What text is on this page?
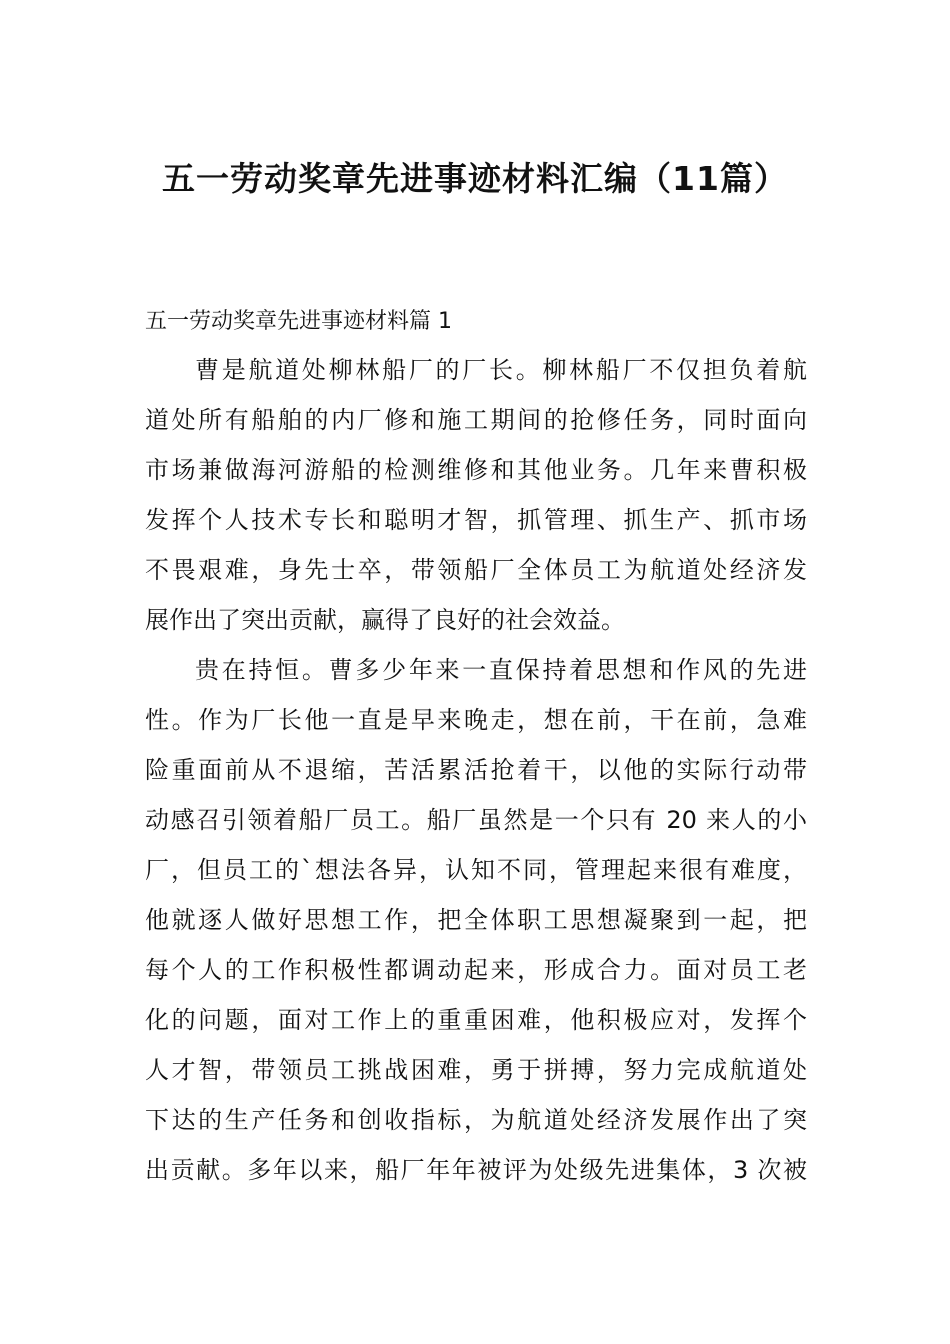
五一劳动奖章先进事迹材料汇编（11篇）

五一劳动奖章先进事迹材料篇 1

曹是航道处柳林船厂的厂长。柳林船厂不仅担负着航
道处所有船舶的内厂修和施工期间的抢修任务，同时面向
市场兼做海河游船的检测维修和其他业务。几年来曹积极
发挥个人技术专长和聪明才智，抓管理、抓生产、抓市场
不畏艰难，身先士卒，带领船厂全体员工为航道处经济发
展作出了突出贡献，赢得了良好的社会效益。
贵在持恒。曹多少年来一直保持着思想和作风的先进
性。作为厂长他一直是早来晚走，想在前，干在前，急难
险重面前从不退缩，苦活累活抢着干，以他的实际行动带
动感召引领着船厂员工。船厂虽然是一个只有 20 来人的小
厂，但员工的`想法各异，认知不同，管理起来很有难度，
他就逐人做好思想工作，把全体职工思想凝聚到一起，把
每个人的工作积极性都调动起来，形成合力。面对员工老
化的问题，面对工作上的重重困难，他积极应对，发挥个
人才智，带领员工挑战困难，勇于拼搏，努力完成航道处
下达的生产任务和创收指标，为航道处经济发展作出了突
出贡献。多年以来，船厂年年被评为处级先进集体，3 次被
